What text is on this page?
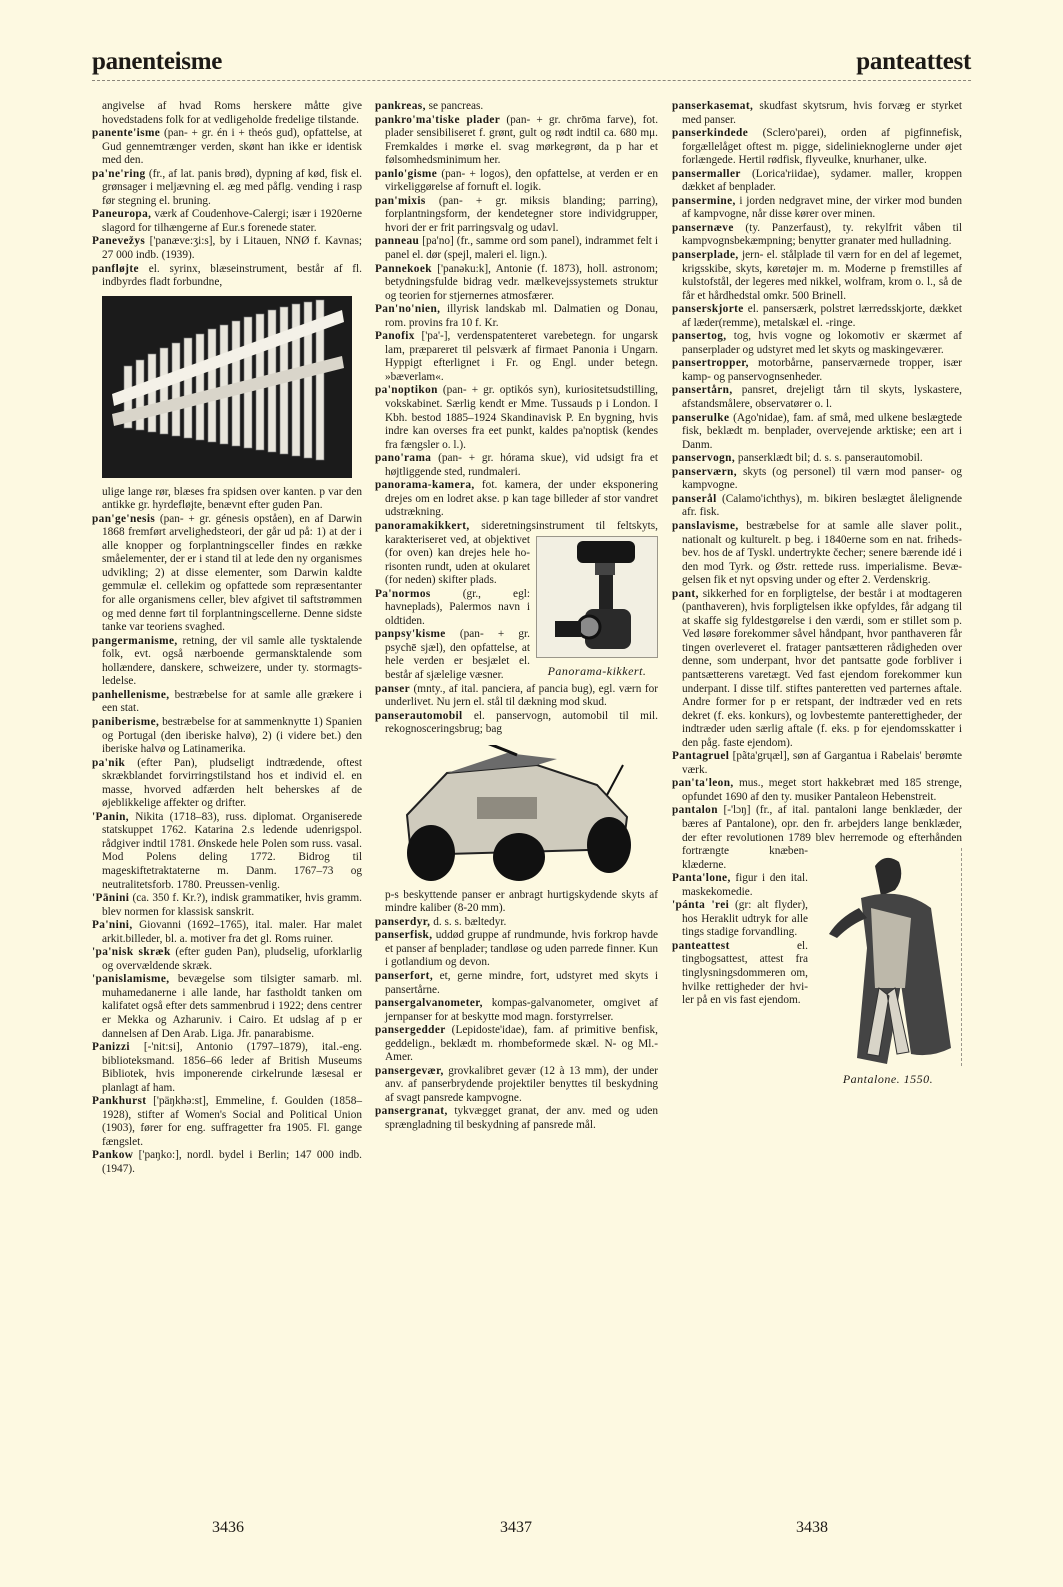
panenteisme	panteattest

angivelse af hvad Roms herskere måtte give hovedstadens folk for at vedligeholde fredelige tilstande.

panente'isme (pan- + gr. én i + theós gud), opfattelse, at Gud gennemtrænger verden, skønt han ikke er identisk med den.

pa'ne'ring (fr., af lat. panis brød), dypning af kød, fisk el. grønsager i meljævning el. æg med påflg. vending i rasp før stegning el. bruning.

Paneuropa, værk af Coudenhove-Calergi; især i 1920erne slagord for tilhængerne af Eur.s forenede stater.

Panevežys ['panæve:ʒi:s], by i Litauen, NNØ f. Kavnas; 27 000 indb. (1939).

panfløjte el. syrinx, blæseinstrument, består af fl. indbyrdes fladt forbundne,

ulige lange rør, blæses fra spidsen over kanten. p var den antikke gr. hyrdefløjte, benævnt efter guden Pan.

pan'ge'nesis (pan- + gr. génesis opståen), en af Darwin 1868 fremført arvelighedsteori, der går ud på: 1) at der i alle knopper og forplantningsceller findes en række småelementer, der er i stand til at lede den ny organismes udvikling; 2) at disse elementer, som Darwin kaldte gemmulæ el. cellekim og opfattede som repræsentanter for alle organismens celler, blev afgivet til saftstrømmen og med denne ført til forplantningscellerne. Denne sidste tanke var teoriens svaghed.

pangermanisme, retning, der vil samle alle tysktalende folk, evt. også nærboende germansktalende som hollændere, danskere, schweizere, under ty. stormagtsledelse.

panhellenisme, bestræbelse for at samle alle grækere i een stat.

paniberisme, bestræbelse for at sammenknytte 1) Spanien og Portugal (den iberiske halvø), 2) (i videre bet.) den iberiske halvø og Latinamerika.

pa'nik (efter Pan), pludseligt indtrædende, oftest skrækblandet forvirringstilstand hos et individ el. en masse, hvorved adfærden helt beherskes af de øjeblikkelige affekter og drifter.

'Panin, Nikita (1718–83), russ. diplomat. Organiserede statskuppet 1762. Katarina 2.s ledende udenrigspol. rådgiver indtil 1781. Ønskede hele Polen som russ. vasal. Mod Polens deling 1772. Bidrog til mageskiftetraktaterne m. Danm. 1767–73 og neutralitetsforb. 1780. Preussen-venlig.

'Pānini (ca. 350 f. Kr.?), indisk grammatiker, hvis gramm. blev normen for klassisk sanskrit.

Pa'nini, Giovanni (1692–1765), ital. maler. Har malet arkit.billeder, bl. a. motiver fra det gl. Roms ruiner.

'pa'nisk skræk (efter guden Pan), pludselig, uforklarlig og overvældende skræk.

'panislamisme, bevægelse som tilsigter samarb. ml. muhamedanerne i alle lande, har fastholdt tanken om kalifatet også efter dets sammenbrud i 1922; dens centrer er Mekka og Azharuniv. i Cairo. Et udslag af p er dannelsen af Den Arab. Liga. Jfr. panarabisme.

Panizzi [-'nit:si], Antonio (1797–1879), ital.-eng. biblioteksmand. 1856–66 leder af British Museums Bibliotek, hvis imponerende cirkelrunde læsesal er planlagt af ham.

Pankhurst ['päŋkhə:st], Emmeline, f. Goulden (1858–1928), stifter af Women's Social and Political Union (1903), fører for eng. suffragetter fra 1905. Fl. gange fængslet.

Pankow ['paŋko:], nordl. bydel i Berlin; 147 000 indb. (1947).

pankreas, se pancreas.

pankro'ma'tiske plader (pan- + gr. chrōma farve), fot. plader sensibiliseret f. grønt, gult og rødt indtil ca. 680 mμ. Fremkaldes i mørke el. svag mørkegrønt, da p har et følsomhedsminimum her.

panlo'gisme (pan- + logos), den opfattelse, at verden er en virkeliggørelse af fornuft el. logik.

pan'mixis (pan- + gr. miksis blanding; parring), forplantningsform, der kendetegner store individgrupper, hvori der er frit parringsvalg og udavl.

panneau [pa'no] (fr., samme ord som panel), indrammet felt i panel el. dør (spejl, maleri el. lign.).

Pannekoek ['panəku:k], Antonie (f. 1873), holl. astronom; betydningsfulde bidrag vedr. mælkevejssystemets struktur og teorien for stjernernes atmosfærer.

Pan'no'nien, illyrisk landskab ml. Dalmatien og Donau, rom. provins fra 10 f. Kr.

Panofix ['pa'-], verdenspatenteret varebetegn. for ungarsk lam, præpareret til pelsværk af firmaet Panonia i Ungarn. Hyppigt efterlignet i Fr. og Engl. under betegn. »bæverlam«.

pa'noptikon (pan- + gr. optikós syn), kuriositetsudstilling, vokskabinet. Særlig kendt er Mme. Tussauds p i London. I Kbh. bestod 1885–1924 Skandinavisk P. En bygning, hvis indre kan overses fra eet punkt, kaldes pa'noptisk (kendes fra fængsler o. l.).

pano'rama (pan- + gr. hórama skue), vid udsigt fra et højtliggende sted, rundmaleri.

panorama-kamera, fot. kamera, der under eksponering drejes om en lodret akse. p kan tage billeder af stor vandret udstrækning.

Panorama-kikkert.

panoramakikkert, sideretningsinstrument til feltskyts, karakteriseret ved, at objektivet (for oven) kan drejes hele horisonten rundt, uden at okularet (for neden) skifter plads.

Pa'normos (gr., egl: havneplads), Palermos navn i oldtiden.

panpsy'kisme (pan- + gr. psychē sjæl), den opfattelse, at hele verden er besjælet el. består af sjælelige væsner.

panser (mnty., af ital. panciera, af pancia bug), egl. værn for underlivet. Nu jern el. stål til dækning mod skud.

panserautomobil el. panservogn, automobil til mil. rekognosceringsbrug; bag

p-s beskyttende panser er anbragt hurtigskydende skyts af mindre kaliber (8-20 mm).

panserdyr, d. s. s. bæltedyr.

panserfisk, uddød gruppe af rundmunde, hvis forkrop havde et panser af benplader; tandløse og uden parrede finner. Kun i gotlandium og devon.

panserfort, et, gerne mindre, fort, udstyret med skyts i pansertårne.

pansergalvanometer, kompas-galvanometer, omgivet af jernpanser for at beskytte mod magn. forstyrrelser.

pansergedder (Lepidoste'idae), fam. af primitive benfisk, geddelign., beklædt m. rhombeformede skæl. N- og Ml.-Amer.

pansergevær, grovkalibret gevær (12 à 13 mm), der under anv. af panserbrydende projektiler benyttes til beskydning af svagt pansrede kampvogne.

pansergranat, tykvægget granat, der anv. med og uden sprængladning til beskydning af pansrede mål.

panserkasemat, skudfast skytsrum, hvis forvæg er styrket med panser.

panserkindede (Sclero'parei), orden af pigfinnefisk, forgællelåget oftest m. pigge, sidelinieknoglerne under øjet forlængede. Hertil rødfisk, flyveulke, knurhaner, ulke.

pansermaller (Lorica'riidae), sydamer. maller, kroppen dækket af benplader.

pansermine, i jorden nedgravet mine, der virker mod bunden af kampvogne, når disse kører over minen.

pansernæve (ty. Panzerfaust), ty. rekylfrit våben til kampvognsbekæmpning; benytter granater med hulladning.

panserplade, jern- el. stålplade til værn for en del af legemet, krigsskibe, skyts, køretøjer m. m. Moderne p fremstilles af kulstofstål, der legeres med nikkel, wolfram, krom o. l., så de får et hårdhedstal omkr. 500 Brinell.

panserskjorte el. pansersærk, polstret lærredsskjorte, dækket af læder(remme), metalskæl el. -ringe.

pansertog, tog, hvis vogne og lokomotiv er skærmet af panserplader og udstyret med let skyts og maskingeværer.

pansertropper, motorbårne, panserværnede tropper, især kamp- og panservognsenheder.

pansertårn, pansret, drejeligt tårn til skyts, lyskastere, afstandsmålere, observatører o. l.

panserulke (Ago'nidae), fam. af små, med ulkene beslægtede fisk, beklædt m. benplader, overvejende arktiske; een art i Danm.

panservogn, panserklædt bil; d. s. s. panserautomobil.

panserværn, skyts (og personel) til værn mod panser- og kampvogne.

panserål (Calamo'ichthys), m. bikiren beslægtet ålelignende afr. fisk.

panslavisme, bestræbelse for at samle alle slaver polit., nationalt og kulturelt. p beg. i 1840erne som en nat. frihedsbev. hos de af Tyskl. undertrykte čecher; senere bærende idé i den mod Tyrk. og Østr. rettede russ. imperialisme. Bevægelsen fik et nyt opsving under og efter 2. Verdenskrig.

pant, sikkerhed for en forpligtelse, der består i at modtageren (panthaveren), hvis forpligtelsen ikke opfyldes, får adgang til at skaffe sig fyldestgørelse i den værdi, som er stillet som p. Ved løsøre forekommer såvel håndpant, hvor panthaveren får tingen overleveret el. fratager pantsætteren rådigheden over denne, som underpant, hvor det pantsatte gode forbliver i pantsætterens varetægt. Ved fast ejendom forekommer kun underpant. I disse tilf. stiftes panteretten ved parternes aftale. Andre former for p er retspant, der indtræder ved en rets dekret (f. eks. konkurs), og lovbestemte panterettigheder, der indtræder uden særlig aftale (f. eks. p for ejendomsskatter i den påg. faste ejendom).

Pantagruel [pãta'grɥæl], søn af Gargantua i Rabelais' berømte værk.

pan'ta'leon, mus., meget stort hakkebræt med 185 strenge, opfundet 1690 af den ty. musiker Pantaleon Hebenstreit.

Pantalone. 1550.

pantalon [-'lɔŋ] (fr., af ital. pantaloni lange benklæder, der bæres af Pantalone), opr. den fr. arbejders lange benklæder, der efter revolutionen 1789 blev herremode og efterhånden fortrængte knæbenklæderne.

Panta'lone, figur i den ital. maskekomedie.

'pánta 'rei (gr: alt flyder), hos Heraklit udtryk for alle tings stadige forvandling.

panteattest el. tingbogsattest, attest fra tinglysningsdommeren om, hvilke rettigheder der hviler på en vis fast ejendom.

3436	3437	3438
